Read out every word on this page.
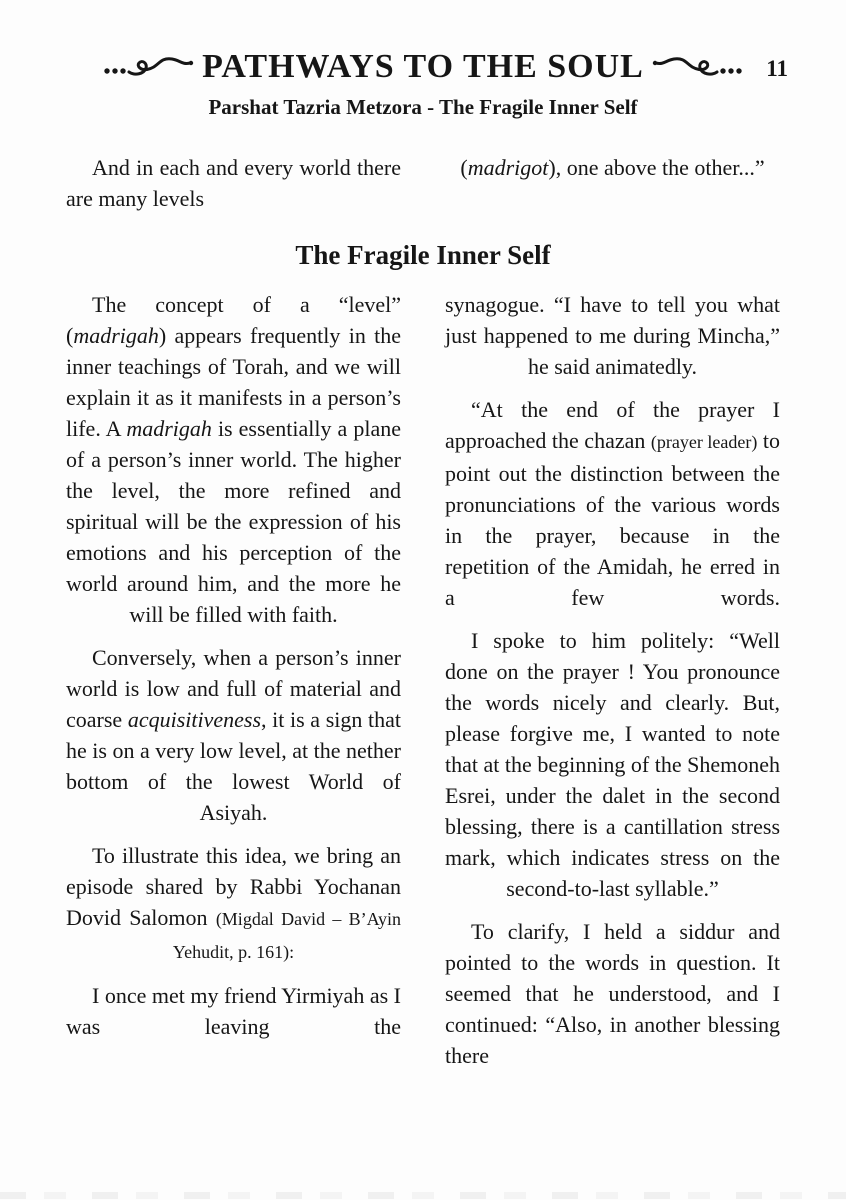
PATHWAYS TO THE SOUL	11
Parshat Tazria Metzora - The Fragile Inner Self

And in each and every world there are many levels

(madrigot), one above the other...”

The Fragile Inner Self

The concept of a “level” (madrigah) appears frequently in the inner teachings of Torah, and we will explain it as it manifests in a person’s life. A madrigah is essentially a plane of a person’s inner world. The higher the level, the more refined and spiritual will be the expression of his emotions and his perception of the world around him, and the more he will be filled with faith.

Conversely, when a person’s inner world is low and full of material and coarse acquisitiveness, it is a sign that he is on a very low level, at the nether bottom of the lowest World of Asiyah.

To illustrate this idea, we bring an episode shared by Rabbi Yochanan Dovid Salomon (Migdal David – B’Ayin Yehudit, p. 161):

I once met my friend Yirmiyah as I was leaving the

synagogue. “I have to tell you what just happened to me during Mincha,” he said animatedly.

“At the end of the prayer I approached the chazan (prayer leader) to point out the distinction between the pronunciations of the various words in the prayer, because in the repetition of the Amidah, he erred in a few words.

I spoke to him politely: “Well done on the prayer ! You pronounce the words nicely and clearly. But, please forgive me, I wanted to note that at the beginning of the Shemoneh Esrei, under the dalet in the second blessing, there is a cantillation stress mark, which indicates stress on the second-to-last syllable.”

To clarify, I held a siddur and pointed to the words in question. It seemed that he understood, and I continued: “Also, in another blessing there
